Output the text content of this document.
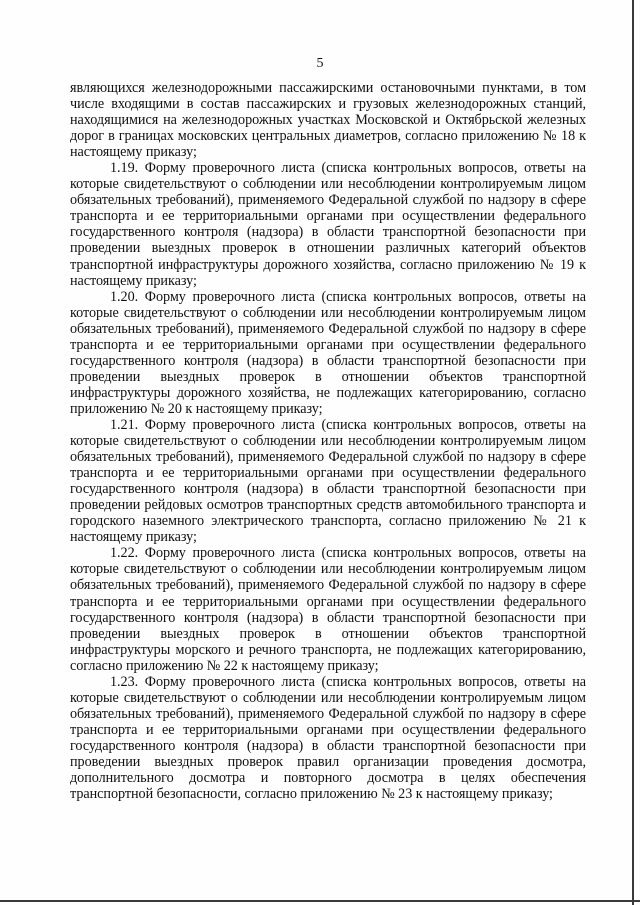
5

являющихся железнодорожными пассажирскими остановочными пунктами, в том числе входящими в состав пассажирских и грузовых железнодорожных станций, находящимися на железнодорожных участках Московской и Октябрьской железных дорог в границах московских центральных диаметров, согласно приложению № 18 к настоящему приказу;

1.19. Форму проверочного листа (списка контрольных вопросов, ответы на которые свидетельствуют о соблюдении или несоблюдении контролируемым лицом обязательных требований), применяемого Федеральной службой по надзору в сфере транспорта и ее территориальными органами при осуществлении федерального государственного контроля (надзора) в области транспортной безопасности при проведении выездных проверок в отношении различных категорий объектов транспортной инфраструктуры дорожного хозяйства, согласно приложению № 19 к настоящему приказу;

1.20. Форму проверочного листа (списка контрольных вопросов, ответы на которые свидетельствуют о соблюдении или несоблюдении контролируемым лицом обязательных требований), применяемого Федеральной службой по надзору в сфере транспорта и ее территориальными органами при осуществлении федерального государственного контроля (надзора) в области транспортной безопасности при проведении выездных проверок в отношении объектов транспортной инфраструктуры дорожного хозяйства, не подлежащих категорированию, согласно приложению № 20 к настоящему приказу;

1.21. Форму проверочного листа (списка контрольных вопросов, ответы на которые свидетельствуют о соблюдении или несоблюдении контролируемым лицом обязательных требований), применяемого Федеральной службой по надзору в сфере транспорта и ее территориальными органами при осуществлении федерального государственного контроля (надзора) в области транспортной безопасности при проведении рейдовых осмотров транспортных средств автомобильного транспорта и городского наземного электрического транспорта, согласно приложению № 21 к настоящему приказу;

1.22. Форму проверочного листа (списка контрольных вопросов, ответы на которые свидетельствуют о соблюдении или несоблюдении контролируемым лицом обязательных требований), применяемого Федеральной службой по надзору в сфере транспорта и ее территориальными органами при осуществлении федерального государственного контроля (надзора) в области транспортной безопасности при проведении выездных проверок в отношении объектов транспортной инфраструктуры морского и речного транспорта, не подлежащих категорированию, согласно приложению № 22 к настоящему приказу;

1.23. Форму проверочного листа (списка контрольных вопросов, ответы на которые свидетельствуют о соблюдении или несоблюдении контролируемым лицом обязательных требований), применяемого Федеральной службой по надзору в сфере транспорта и ее территориальными органами при осуществлении федерального государственного контроля (надзора) в области транспортной безопасности при проведении выездных проверок правил организации проведения досмотра, дополнительного досмотра и повторного досмотра в целях обеспечения транспортной безопасности, согласно приложению № 23 к настоящему приказу;
